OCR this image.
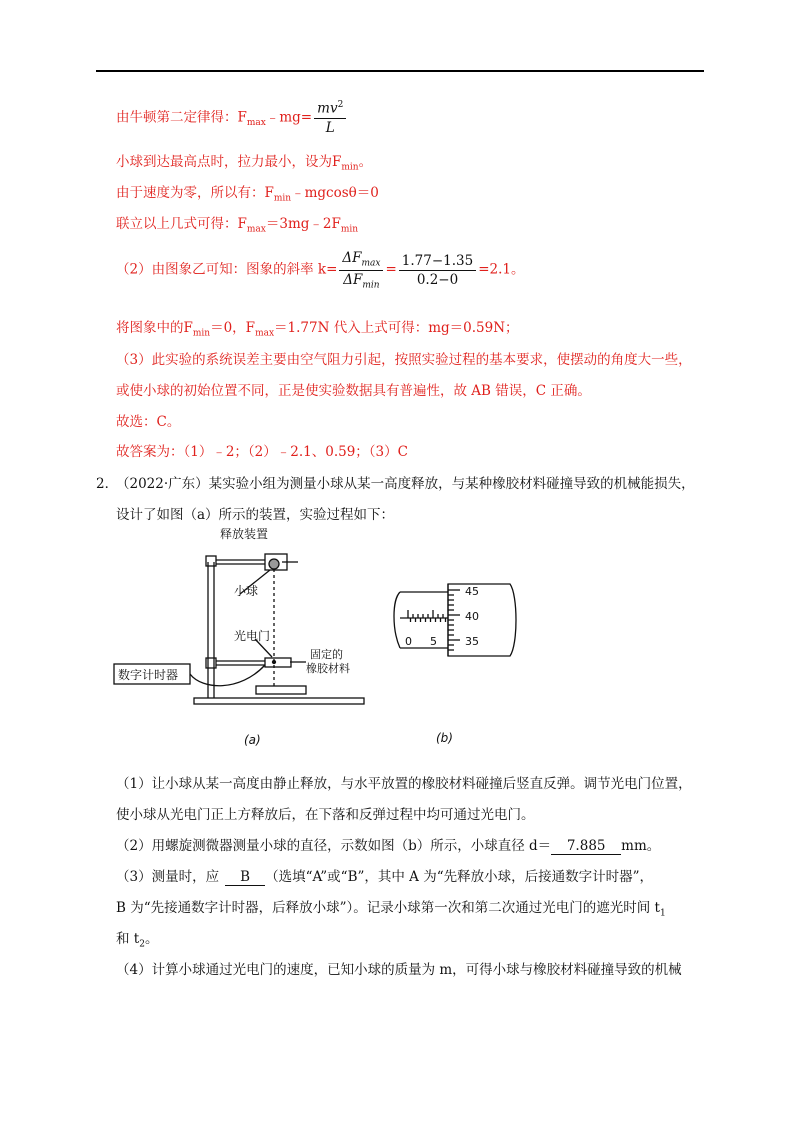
由牛顿第二定律得：$F_{max}﹣mg= \frac{mv^2}{L}$
小球到达最高点时，拉力最小，设为$F_{min}$。
由于速度为零，所以有：$F_{min}﹣mgcos\theta=0$
联立以上几式可得：$F_{max}=3mg﹣2F_{min}$
（2）由图象乙可知：图象的斜率 $k= \frac{\Delta F_{max}}{\Delta F_{min}} = \frac{1.77-1.35}{0.2-0} =2.1$。
将图象中的$F_{min}=0$，$F_{max}=1.77N$ 代入上式可得：mg＝0.59N；
（3）此实验的系统误差主要由空气阻力引起，按照实验过程的基本要求，使摆动的角度大一些，
或使小球的初始位置不同，正是使实验数据具有普遍性，故 AB 错误，C 正确。
故选：C。
故答案为：（1）﹣2；（2）﹣2.1、0.59；（3）C
2．
（2022·广东）某实验小组为测量小球从某一高度释放，与某种橡胶材料碰撞导致的机械能损失，
设计了如图（a）所示的装置，实验过程如下：
释放装置
小球
光电门
数字计时器
固定的
橡胶材料
(a)
0 5
45
40
35
(b)
（1）让小球从某一高度由静止释放，与水平放置的橡胶材料碰撞后竖直反弹。调节光电门位置，
使小球从光电门正上方释放后，在下落和反弹过程中均可通过光电门。
（2）用螺旋测微器测量小球的直径，示数如图（b）所示，小球直径 d＝ 7.885 mm。
（3）测量时，应 B （选填“A”或“B”，其中 A 为“先释放小球，后接通数字计时器”，
B 为“先接通数字计时器，后释放小球”）。记录小球第一次和第二次通过光电门的遮光时间 $t_1$
和 $t_2$。
（4）计算小球通过光电门的速度，已知小球的质量为 m，可得小球与橡胶材料碰撞导致的机械
